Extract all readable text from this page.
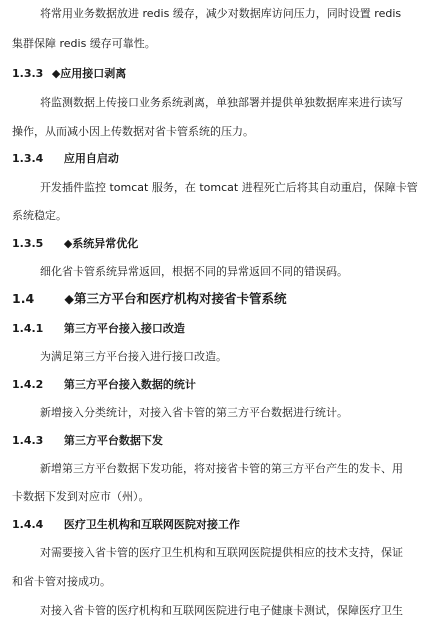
将常用业务数据放进 redis 缓存，减少对数据库访问压力，同时设置 redis
集群保障 redis 缓存可靠性。
1.3.3 ◆应用接口剥离
将监测数据上传接口业务系统剥离，单独部署并提供单独数据库来进行读写
操作，从而减小因上传数据对省卡管系统的压力。
1.3.4 应用自启动
开发插件监控 tomcat 服务，在 tomcat 进程死亡后将其自动重启，保障卡管
系统稳定。
1.3.5 ◆系统异常优化
细化省卡管系统异常返回，根据不同的异常返回不同的错误码。
1.4 ◆第三方平台和医疗机构对接省卡管系统
1.4.1 第三方平台接入接口改造
为满足第三方平台接入进行接口改造。
1.4.2 第三方平台接入数据的统计
新增接入分类统计，对接入省卡管的第三方平台数据进行统计。
1.4.3 第三方平台数据下发
新增第三方平台数据下发功能，将对接省卡管的第三方平台产生的发卡、用
卡数据下发到对应市（州）。
1.4.4 医疗卫生机构和互联网医院对接工作
对需要接入省卡管的医疗卫生机构和互联网医院提供相应的技术支持，保证
和省卡管对接成功。
对接入省卡管的医疗机构和互联网医院进行电子健康卡测试，保障医疗卫生
